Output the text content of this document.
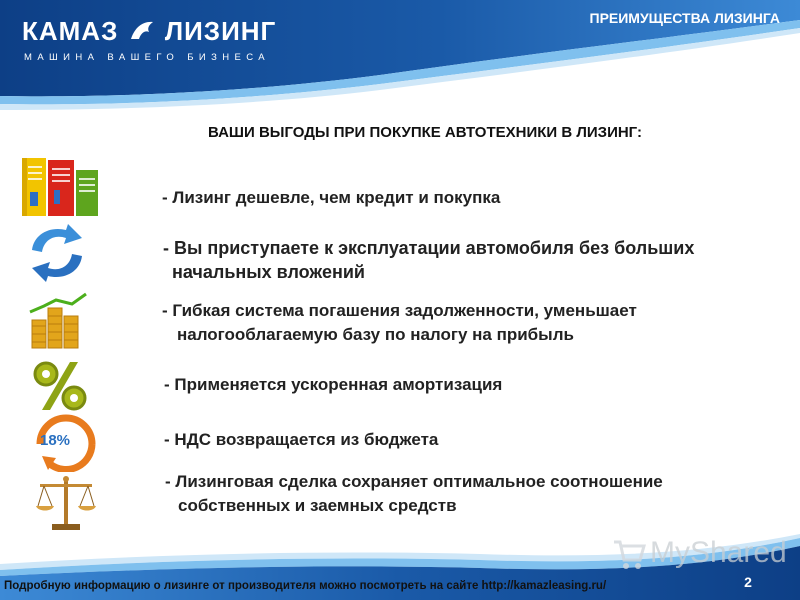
КАМАЗ ЛИЗИНГ
МАШИНА ВАШЕГО БИЗНЕСА
ПРЕИМУЩЕСТВА ЛИЗИНГА
ВАШИ ВЫГОДЫ ПРИ ПОКУПКЕ АВТОТЕХНИКИ В ЛИЗИНГ:
18%
- Лизинг дешевле, чем кредит и покупка
- Вы приступаете к эксплуатации автомобиля без больших
начальных вложений
- Гибкая система погашения задолженности, уменьшает
налогооблагаемую базу по налогу на прибыль
- Применяется ускоренная амортизация
- НДС возвращается из бюджета
- Лизинговая сделка сохраняет оптимальное соотношение
собственных и заемных средств
MyShared
Подробную информацию о лизинге от производителя можно посмотреть на сайте http://kamazleasing.ru/	2
